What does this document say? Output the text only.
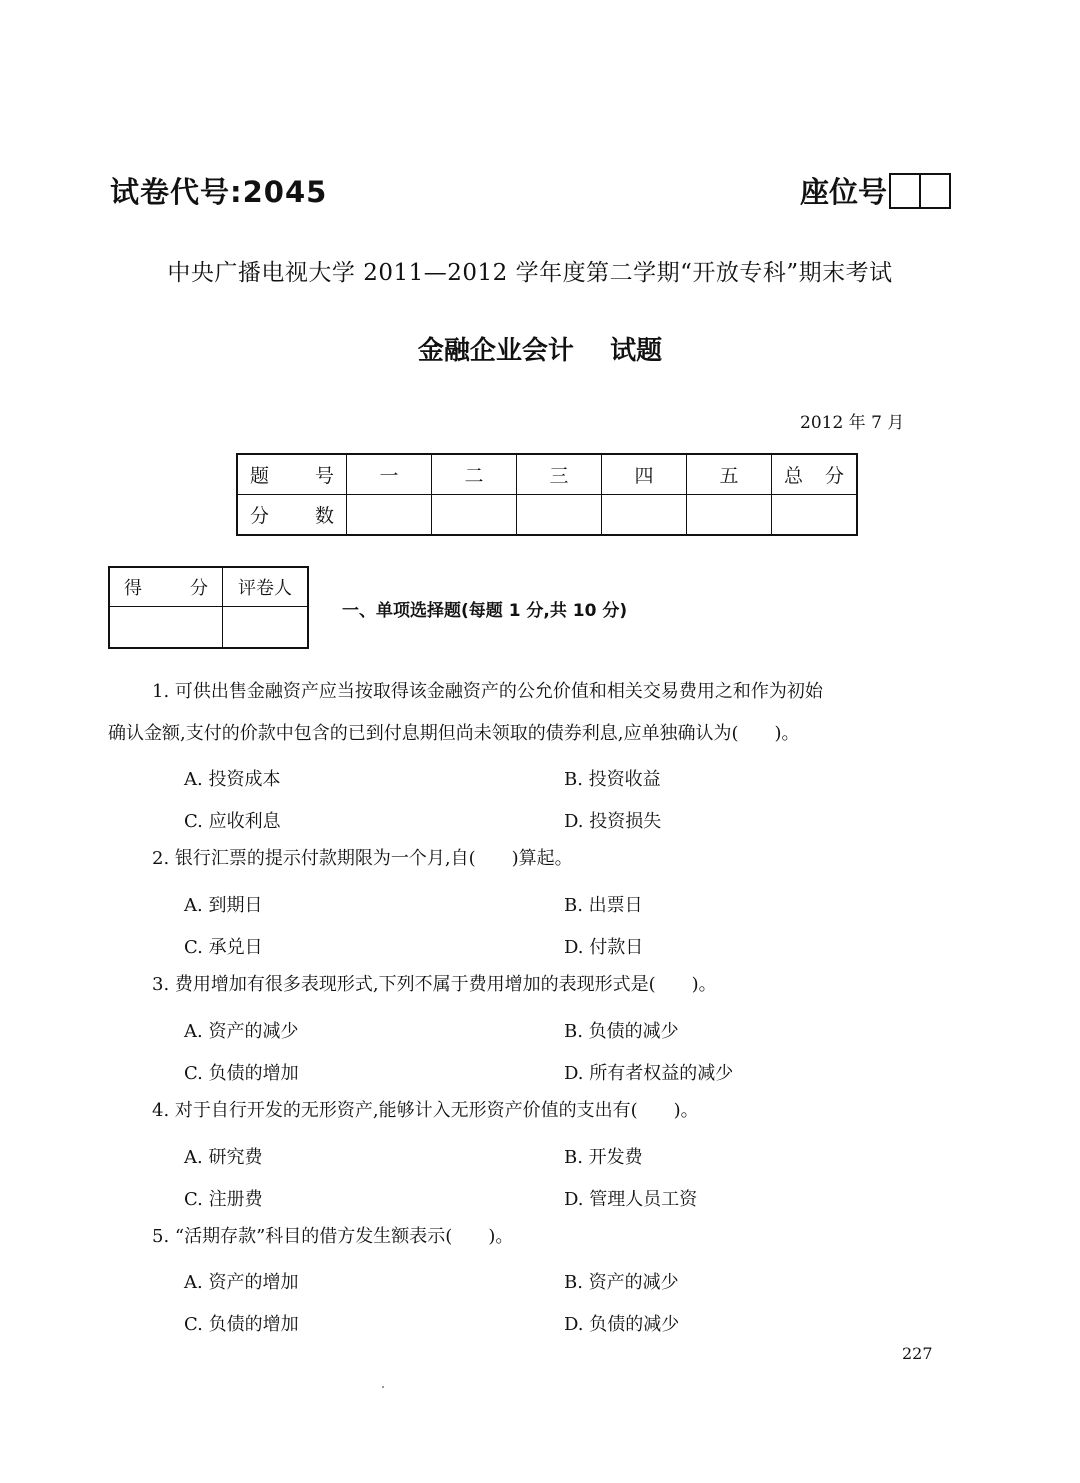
试卷代号:2045	座位号
中央广播电视大学 2011—2012 学年度第二学期“开放专科”期末考试
金融企业会计    试题
2012 年 7 月
题 号	一	二	三	四	五	总 分
分 数						
得 分	评卷人

一、单项选择题(每题 1 分,共 10 分)
1. 可供出售金融资产应当按取得该金融资产的公允价值和相关交易费用之和作为初始
确认金额,支付的价款中包含的已到付息期但尚未领取的债券利息,应单独确认为(　　)。
A. 投资成本	B. 投资收益
C. 应收利息	D. 投资损失
2. 银行汇票的提示付款期限为一个月,自(　　)算起。
A. 到期日	B. 出票日
C. 承兑日	D. 付款日
3. 费用增加有很多表现形式,下列不属于费用增加的表现形式是(　　)。
A. 资产的减少	B. 负债的减少
C. 负债的增加	D. 所有者权益的减少
4. 对于自行开发的无形资产,能够计入无形资产价值的支出有(　　)。
A. 研究费	B. 开发费
C. 注册费	D. 管理人员工资
5. “活期存款”科目的借方发生额表示(　　)。
A. 资产的增加	B. 资产的减少
C. 负债的增加	D. 负债的减少
227
